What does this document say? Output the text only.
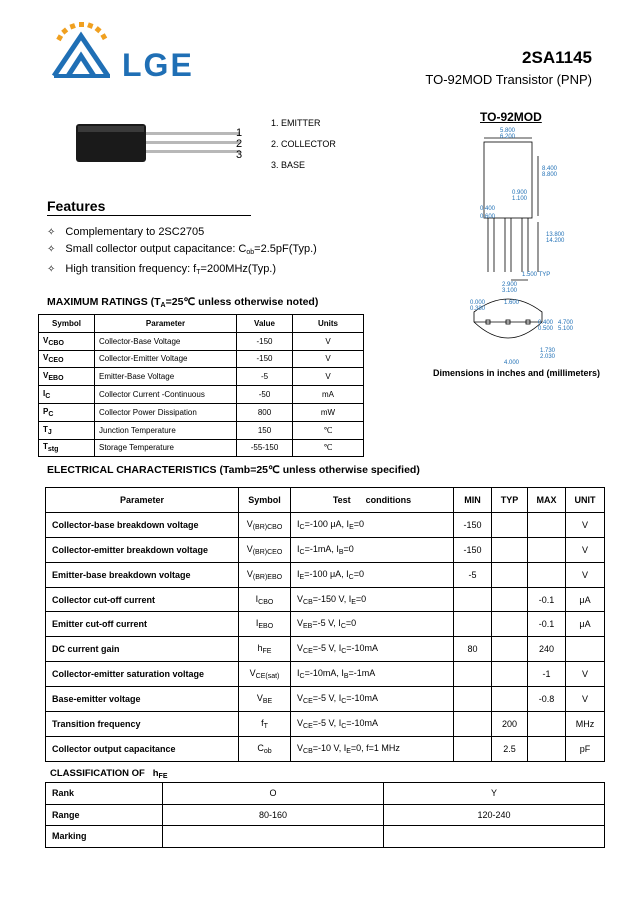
LGE	2SA1145
TO-92MOD Transistor (PNP)
1
2
3
1. EMITTER
2. COLLECTOR
3. BASE
TO-92MOD
5.800
6.200
8.400
8.800
0.900
1.100
0.400
0.600
13.800
14.200
1.500 TYP
2.900
3.100
0.000
0.380
1.600
0.400
0.500
4.700
5.100
1.730
2.030
4.000
Dimensions in inches and (millimeters)
Features
✧ Complementary to 2SC2705
✧ Small collector output capacitance: $C_{ob}=2.5pF(Typ.)$
✧ High transition frequency: $f_T=200MHz(Typ.)$
MAXIMUM RATINGS ($T_A=25℃$ unless otherwise noted)
Symbol	Parameter	Value	Units
$V_{CBO}$	Collector-Base Voltage	-150	V
$V_{CEO}$	Collector-Emitter Voltage	-150	V
$V_{EBO}$	Emitter-Base Voltage	-5	V
$I_C$	Collector Current -Continuous	-50	mA
$P_C$	Collector Power Dissipation	800	mW
$T_J$	Junction Temperature	150	℃
$T_{stg}$	Storage Temperature	-55-150	℃
ELECTRICAL CHARACTERISTICS (Tamb=25℃ unless otherwise specified)
Parameter	Symbol	Test      conditions	MIN	TYP	MAX	UNIT
Collector-base breakdown voltage	$V_{(BR)CBO}$	$I_C=-100$ μA, $I_E=0$	-150			V
Collector-emitter breakdown voltage	$V_{(BR)CEO}$	$I_C=-1mA$, $I_B=0$	-150			V
Emitter-base breakdown voltage	$V_{(BR)EBO}$	$I_E=-100$ μA, $I_C=0$	-5			V
Collector cut-off current	$I_{CBO}$	$V_{CB}=-150$ V, $I_E=0$			-0.1	μA
Emitter cut-off current	$I_{EBO}$	$V_{EB}=-5$ V, $I_C=0$			-0.1	μA
DC current gain	$h_{FE}$	$V_{CE}=-5$ V, $I_C=-10mA$	80		240	
Collector-emitter saturation voltage	$V_{CE(sat)}$	$I_C=-10mA$, $I_B=-1mA$			-1	V
Base-emitter voltage	$V_{BE}$	$V_{CE}=-5$ V, $I_C=-10mA$			-0.8	V
Transition frequency	$f_T$	$V_{CE}=-5$ V, $I_C=-10mA$		200		MHz
Collector output capacitance	$C_{ob}$	$V_{CB}=-10$ V, $I_E=0$, f=1 MHz		2.5		pF
CLASSIFICATION OF   $h_{FE}$
Rank	O	Y
Range	80-160	120-240
Marking		
